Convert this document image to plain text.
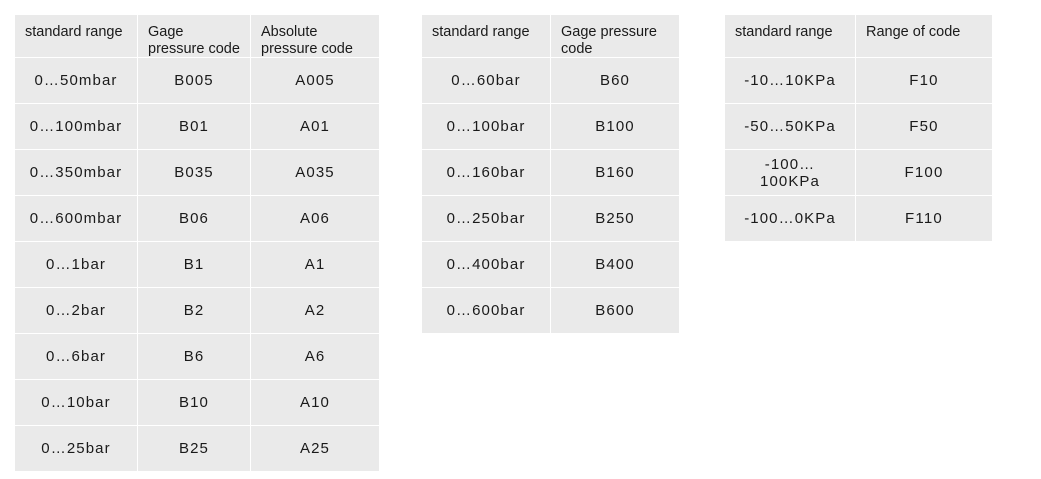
standard range	Gage pressure code	Absolute pressure code
0…50mbar	B005	A005
0…100mbar	B01	A01
0…350mbar	B035	A035
0…600mbar	B06	A06
0…1bar	B1	A1
0…2bar	B2	A2
0…6bar	B6	A6
0…10bar	B10	A10
0…25bar	B25	A25
standard range	Gage pressure code
0…60bar	B60
0…100bar	B100
0…160bar	B160
0…250bar	B250
0…400bar	B400
0…600bar	B600
standard range	Range of code
-10…10KPa	F10
-50…50KPa	F50
-100…100KPa	F100
-100…0KPa	F110
